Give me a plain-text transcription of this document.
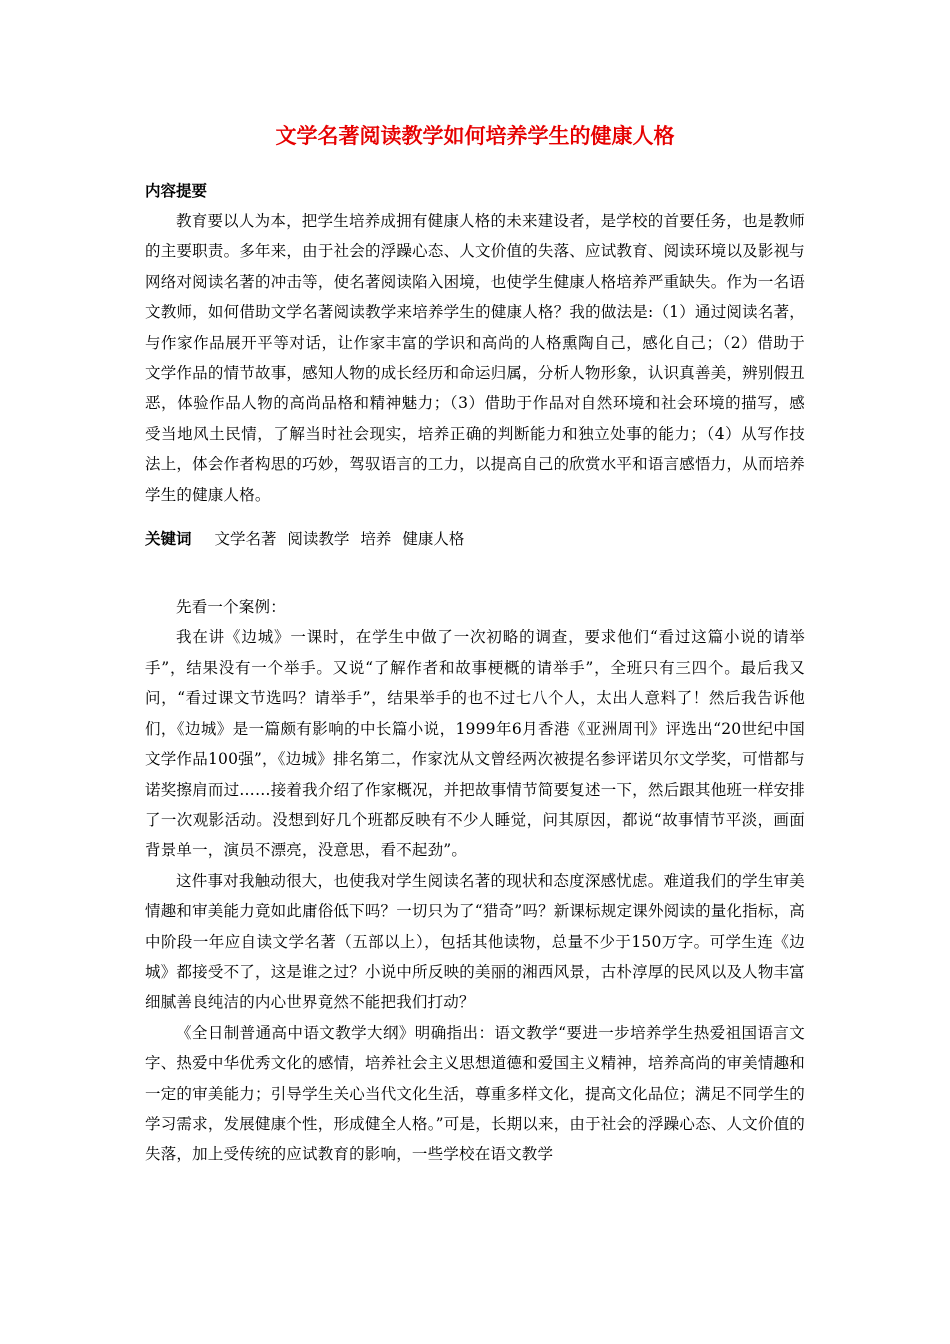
文学名著阅读教学如何培养学生的健康人格
内容提要

教育要以人为本，把学生培养成拥有健康人格的未来建设者，是学校的首要任务，也是教师的主要职责。多年来，由于社会的浮躁心态、人文价值的失落、应试教育、阅读环境以及影视与网络对阅读名著的冲击等，使名著阅读陷入困境，也使学生健康人格培养严重缺失。作为一名语文教师，如何借助文学名著阅读教学来培养学生的健康人格？我的做法是:（1）通过阅读名著，与作家作品展开平等对话，让作家丰富的学识和高尚的人格熏陶自己，感化自己；（2）借助于文学作品的情节故事，感知人物的成长经历和命运归属，分析人物形象，认识真善美，辨别假丑恶，体验作品人物的高尚品格和精神魅力；（3）借助于作品对自然环境和社会环境的描写，感受当地风土民情，了解当时社会现实，培养正确的判断能力和独立处事的能力；（4）从写作技法上，体会作者构思的巧妙，驾驭语言的工力，以提高自己的欣赏水平和语言感悟力，从而培养学生的健康人格。

关键词 文学名著 阅读教学 培养 健康人格

先看一个案例：

我在讲《边城》一课时，在学生中做了一次初略的调查，要求他们“看过这篇小说的请举手”，结果没有一个举手。又说“了解作者和故事梗概的请举手”，全班只有三四个。最后我又问，“看过课文节选吗？请举手”，结果举手的也不过七八个人，太出人意料了！然后我告诉他们，《边城》是一篇颇有影响的中长篇小说，1999年6月香港《亚洲周刊》评选出“20世纪中国文学作品100强”，《边城》排名第二，作家沈从文曾经两次被提名参评诺贝尔文学奖，可惜都与诺奖擦肩而过……接着我介绍了作家概况，并把故事情节简要复述一下，然后跟其他班一样安排了一次观影活动。没想到好几个班都反映有不少人睡觉，问其原因，都说“故事情节平淡，画面背景单一，演员不漂亮，没意思，看不起劲”。

这件事对我触动很大，也使我对学生阅读名著的现状和态度深感忧虑。难道我们的学生审美情趣和审美能力竟如此庸俗低下吗？一切只为了“猎奇”吗？新课标规定课外阅读的量化指标，高中阶段一年应自读文学名著（五部以上），包括其他读物，总量不少于150万字。可学生连《边城》都接受不了，这是谁之过？小说中所反映的美丽的湘西风景，古朴淳厚的民风以及人物丰富细腻善良纯洁的内心世界竟然不能把我们打动？

《全日制普通高中语文教学大纲》明确指出：语文教学“要进一步培养学生热爱祖国语言文字、热爱中华优秀文化的感情，培养社会主义思想道德和爱国主义精神，培养高尚的审美情趣和一定的审美能力；引导学生关心当代文化生活，尊重多样文化，提高文化品位；满足不同学生的学习需求，发展健康个性，形成健全人格。”可是，长期以来，由于社会的浮躁心态、人文价值的失落，加上受传统的应试教育的影响，一些学校在语文教学
